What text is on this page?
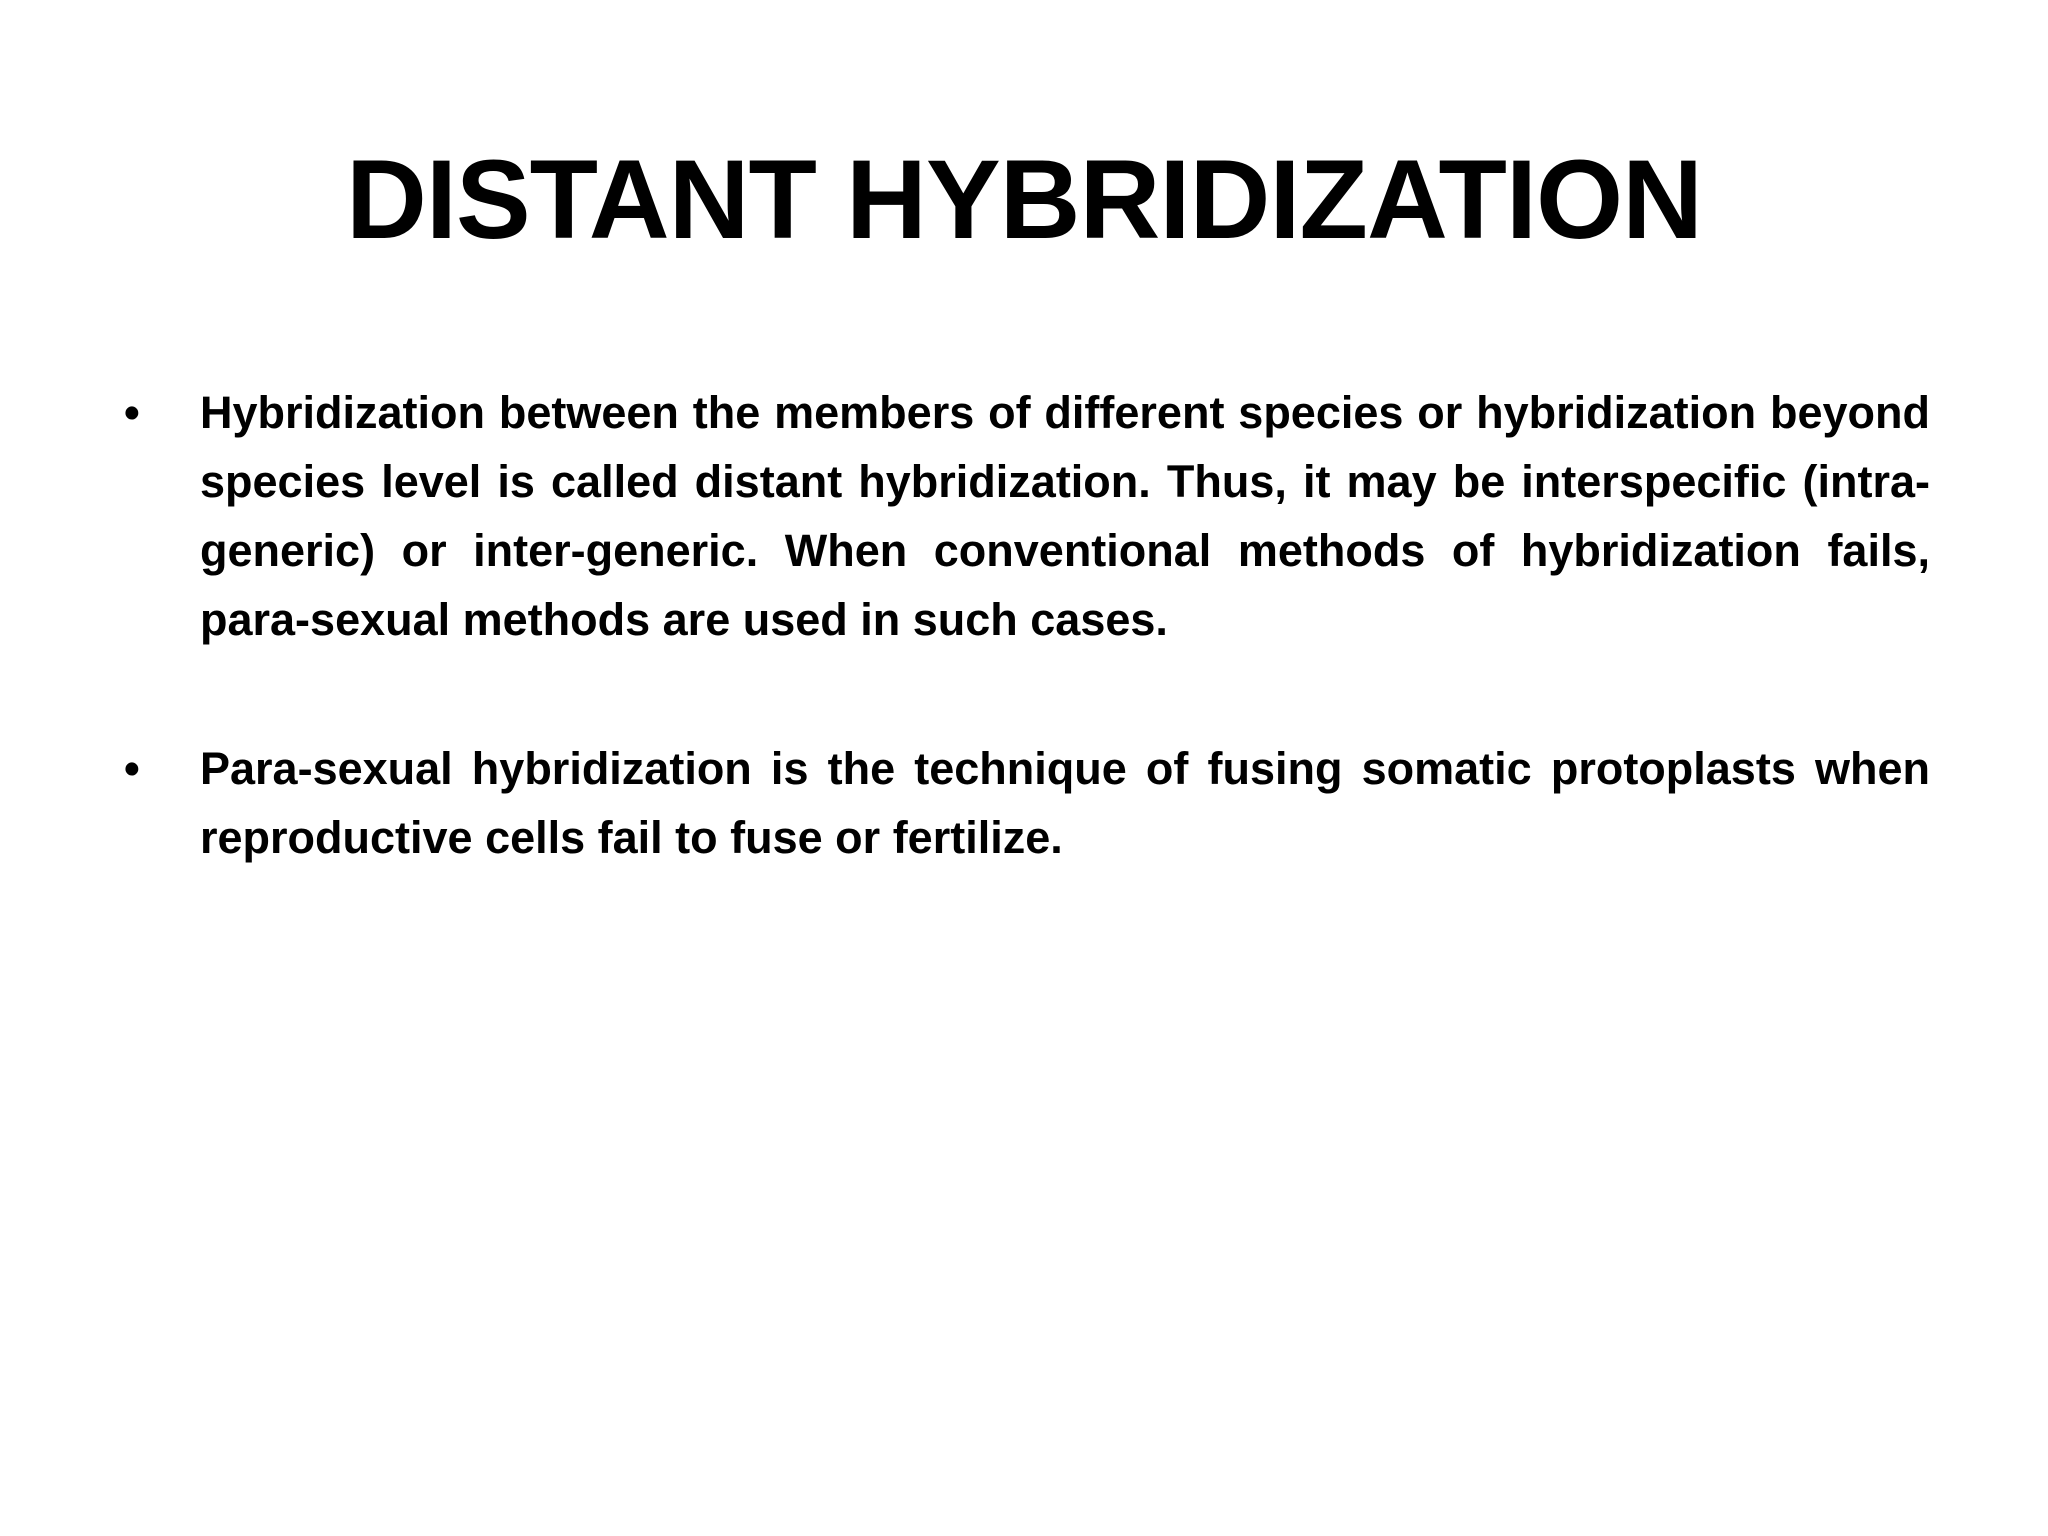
DISTANT HYBRIDIZATION
•	Hybridization between the members of different species or hybridization beyond species level is called distant hybridization. Thus, it may be interspecific (intra-generic) or inter-generic. When conventional methods of hybridization fails, para-sexual methods are used in such cases.
•	Para-sexual hybridization is the technique of fusing somatic protoplasts when reproductive cells fail to fuse or fertilize.
